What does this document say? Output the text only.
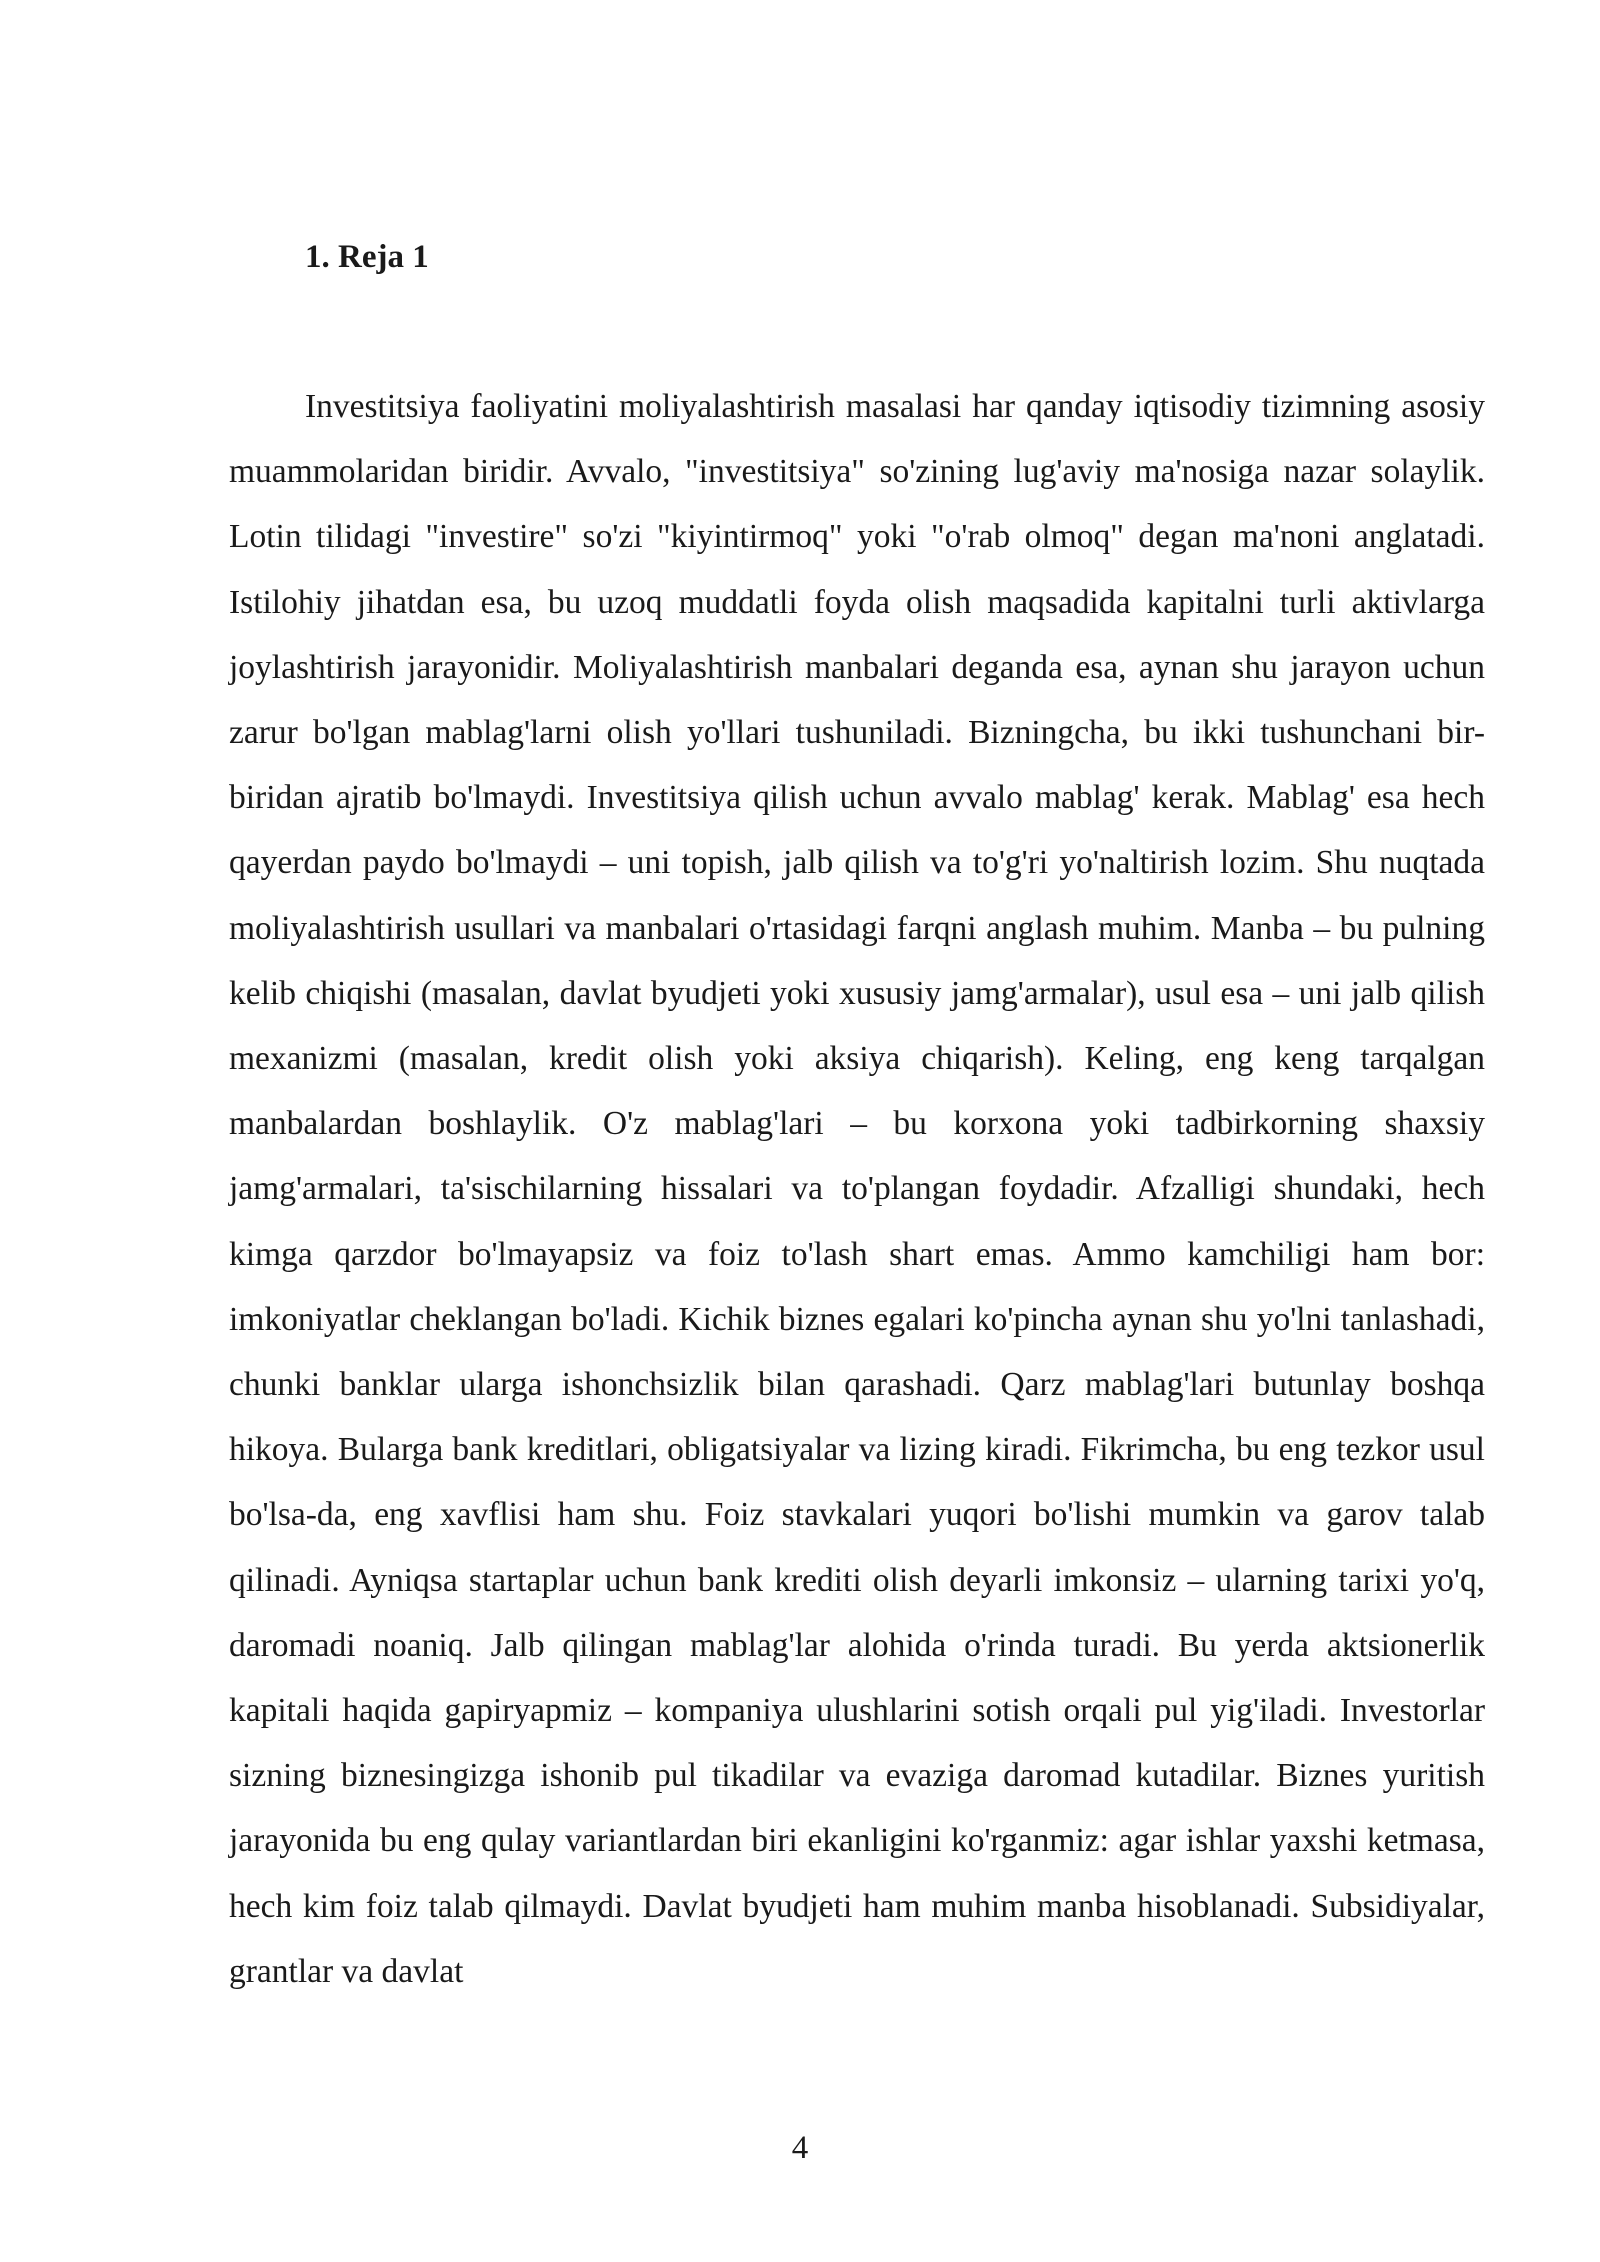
1. Reja 1

Investitsiya faoliyatini moliyalashtirish masalasi har qanday iqtisodiy tizimning asosiy muammolaridan biridir. Avvalo, "investitsiya" so'zining lug'aviy ma'nosiga nazar solaylik. Lotin tilidagi "investire" so'zi "kiyintirmoq" yoki "o'rab olmoq" degan ma'noni anglatadi. Istilohiy jihatdan esa, bu uzoq muddatli foyda olish maqsadida kapitalni turli aktivlarga joylashtirish jarayonidir. Moliyalashtirish manbalari deganda esa, aynan shu jarayon uchun zarur bo'lgan mablag'larni olish yo'llari tushuniladi. Bizningcha, bu ikki tushunchani bir-biridan ajratib bo'lmaydi. Investitsiya qilish uchun avvalo mablag' kerak. Mablag' esa hech qayerdan paydo bo'lmaydi – uni topish, jalb qilish va to'g'ri yo'naltirish lozim. Shu nuqtada moliyalashtirish usullari va manbalari o'rtasidagi farqni anglash muhim. Manba – bu pulning kelib chiqishi (masalan, davlat byudjeti yoki xususiy jamg'armalar), usul esa – uni jalb qilish mexanizmi (masalan, kredit olish yoki aksiya chiqarish). Keling, eng keng tarqalgan manbalardan boshlaylik. O'z mablag'lari – bu korxona yoki tadbirkorning shaxsiy jamg'armalari, ta'sischilarning hissalari va to'plangan foydadir. Afzalligi shundaki, hech kimga qarzdor bo'lmayapsiz va foiz to'lash shart emas. Ammo kamchiligi ham bor: imkoniyatlar cheklangan bo'ladi. Kichik biznes egalari ko'pincha aynan shu yo'lni tanlashadi, chunki banklar ularga ishonchsizlik bilan qarashadi. Qarz mablag'lari butunlay boshqa hikoya. Bularga bank kreditlari, obligatsiyalar va lizing kiradi. Fikrimcha, bu eng tezkor usul bo'lsa-da, eng xavflisi ham shu. Foiz stavkalari yuqori bo'lishi mumkin va garov talab qilinadi. Ayniqsa startaplar uchun bank krediti olish deyarli imkonsiz – ularning tarixi yo'q, daromadi noaniq. Jalb qilingan mablag'lar alohida o'rinda turadi. Bu yerda aktsionerlik kapitali haqida gapiryapmiz – kompaniya ulushlarini sotish orqali pul yig'iladi. Investorlar sizning biznesingizga ishonib pul tikadilar va evaziga daromad kutadilar. Biznes yuritish jarayonida bu eng qulay variantlardan biri ekanligini ko'rganmiz: agar ishlar yaxshi ketmasa, hech kim foiz talab qilmaydi. Davlat byudjeti ham muhim manba hisoblanadi. Subsidiyalar, grantlar va davlat

4
